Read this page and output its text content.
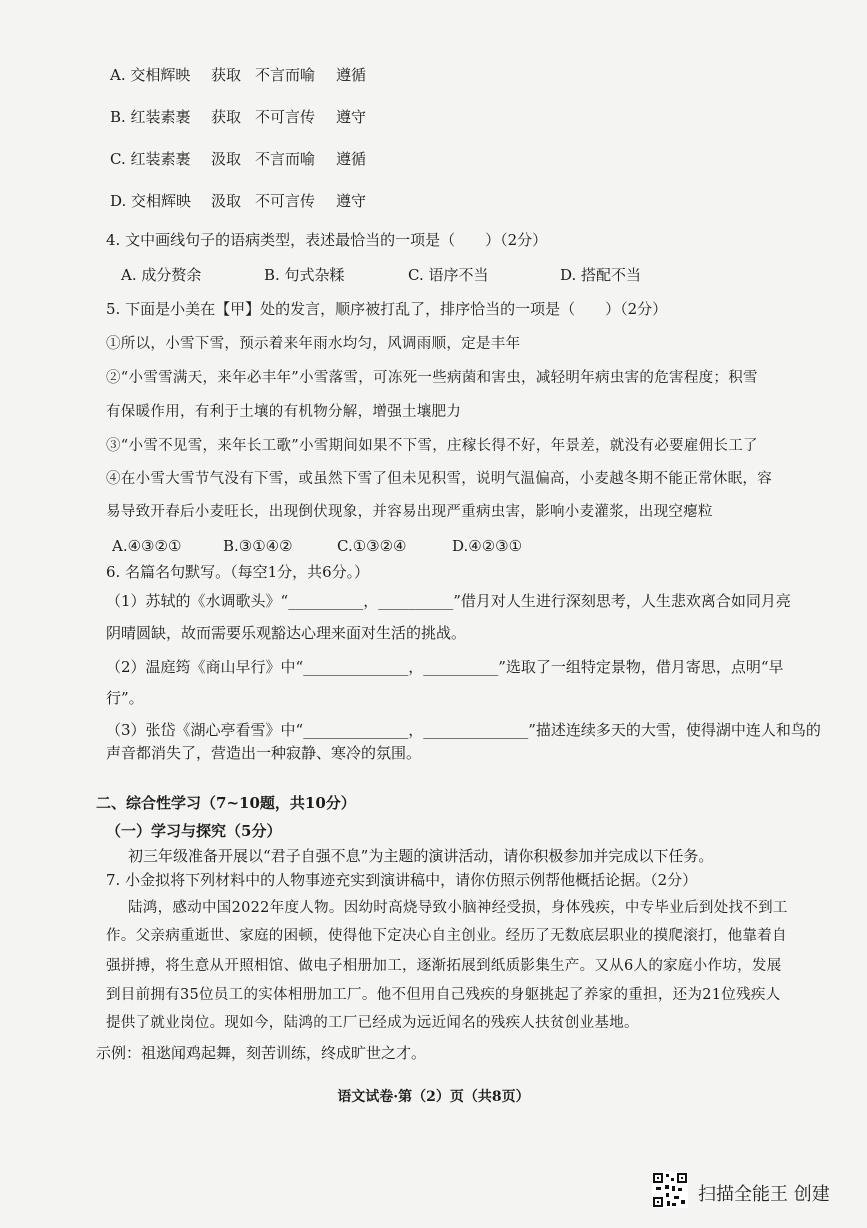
A. 交相辉映 获取 不言而喻 遵循
B. 红装素裹 获取 不可言传 遵守
C. 红装素裹 汲取 不言而喻 遵循
D. 交相辉映 汲取 不可言传 遵守
4. 文中画线句子的语病类型，表述最恰当的一项是（　　）（2分）
A. 成分赘余	B. 句式杂糅	C. 语序不当	D. 搭配不当
5. 下面是小美在【甲】处的发言，顺序被打乱了，排序恰当的一项是（　　）（2分）
①所以，小雪下雪，预示着来年雨水均匀，风调雨顺，定是丰年
②“小雪雪满天，来年必丰年”小雪落雪，可冻死一些病菌和害虫，减轻明年病虫害的危害程度；积雪
有保暖作用，有利于土壤的有机物分解，增强土壤肥力
③“小雪不见雪，来年长工歌”小雪期间如果不下雪，庄稼长得不好，年景差，就没有必要雇佣长工了
④在小雪大雪节气没有下雪，或虽然下雪了但未见积雪，说明气温偏高，小麦越冬期不能正常休眠，容
易导致开春后小麦旺长，出现倒伏现象，并容易出现严重病虫害，影响小麦灌浆，出现空瘪粒
A.④③②①	B.③①④②	C.①③②④	D.④②③①
6. 名篇名句默写。（每空1分，共6分。）
（1）苏轼的《水调歌头》“__________，__________”借月对人生进行深刻思考，人生悲欢离合如同月亮
阴晴圆缺，故而需要乐观豁达心理来面对生活的挑战。
（2）温庭筠《商山早行》中“______________，__________”选取了一组特定景物，借月寄思，点明“早
行”。
（3）张岱《湖心亭看雪》中“______________，______________”描述连续多天的大雪，使得湖中连人和鸟的
声音都消失了，营造出一种寂静、寒冷的氛围。
二、综合性学习（7~10题，共10分）
（一）学习与探究（5分）
初三年级准备开展以“君子自强不息”为主题的演讲活动，请你积极参加并完成以下任务。
7. 小金拟将下列材料中的人物事迹充实到演讲稿中，请你仿照示例帮他概括论据。（2分）
陆鸿，感动中国2022年度人物。因幼时高烧导致小脑神经受损，身体残疾，中专毕业后到处找不到工
作。父亲病重逝世、家庭的困顿，使得他下定决心自主创业。经历了无数底层职业的摸爬滚打，他靠着自
强拼搏，将生意从开照相馆、做电子相册加工，逐渐拓展到纸质影集生产。又从6人的家庭小作坊，发展
到目前拥有35位员工的实体相册加工厂。他不但用自己残疾的身躯挑起了养家的重担，还为21位残疾人
提供了就业岗位。现如今，陆鸿的工厂已经成为远近闻名的残疾人扶贫创业基地。
示例：祖逖闻鸡起舞，刻苦训练，终成旷世之才。
语文试卷·第（2）页（共8页）
扫描全能王 创建
